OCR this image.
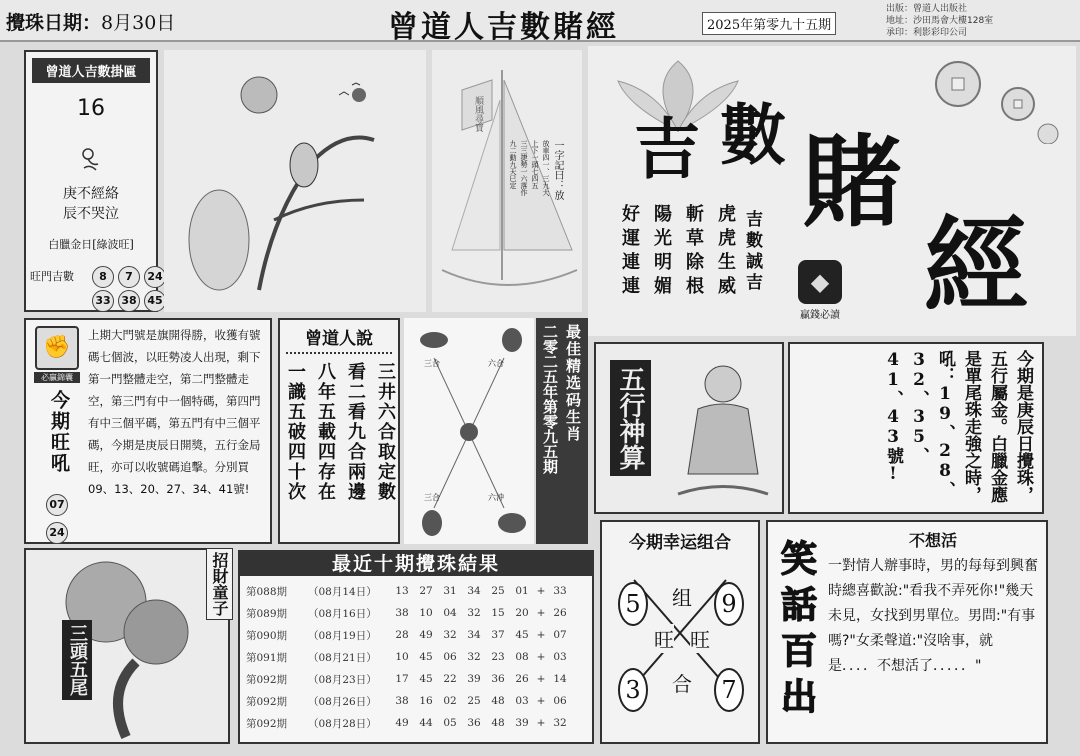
攪珠日期：8月30日	曾道人吉數賭經	2025年第零九十五期
出版：曾道人出版社
地址：沙田馬會大樓128室
承印：利影彩印公司
曾道人吉數掛匾
16
庚不經絡
辰不哭泣
白臘金日[綠波旺]
旺門吉數	8	7	24
33 38 45
順風尋寶
一字記曰：放
放車四一、三九大
上下一頭七四五
三三捷勢一六落作
九二動九天巳定 吉 數 賭
經
虎虎生威
斬草除根
陽光明媚
好運連連	吉數誠吉	◆
贏錢必讀
✊
必贏錦囊
今期旺吼
07
24
上期大門號是旗開得勝，收獲有號碼七個波，以旺勢凌人出現，剩下第一門整體走空，第二門整體走空，第三門有中一個特碼，第四門有中三個平碼，第五門有中三個平碼，今期是庚辰日開獎，五行金局旺，亦可以收號碼追擊。分別買09、13、20、27、34、41號!
曾道人說
三井六合取定數
看二看九合兩邊
八年五載四存在
一識五破四十次	三合	六合
三合	六沖
最佳精选码生肖
二零二五年第零九五期 五行神算	今期是庚辰日攪珠，五行屬金。白臘金應是單尾珠走強之時，吼：19、28、32、35、41、43號!
三頭五尾
招財童子	最近十期攪珠結果
第088期	（08月14日）	13	27	31	34	25	01 + 33
第089期	（08月16日）	38	10	04	32	15	20 + 26
第090期	（08月19日）	28	49	32	34	37	45 + 07
第091期	（08月21日）	10	45	06	32	23	08 + 03
第092期	（08月23日）	17	45	22	39	36	26 + 14
第092期	（08月26日）	38	16	02	25	48	03 + 06
第092期	（08月28日）	49	44	05	36	48	39 + 32
今期幸运组合
5	9
3	7
组
旺 旺
合
笑
話
百
出
不想活
一對情人辦事時，男的每每到興奮時總喜歡說:"看我不弄死你!"幾天未見，女找到男單位。男問:"有事嗎?"女柔聲道:"沒啥事，就是．．．．不想活了．．．．．"
